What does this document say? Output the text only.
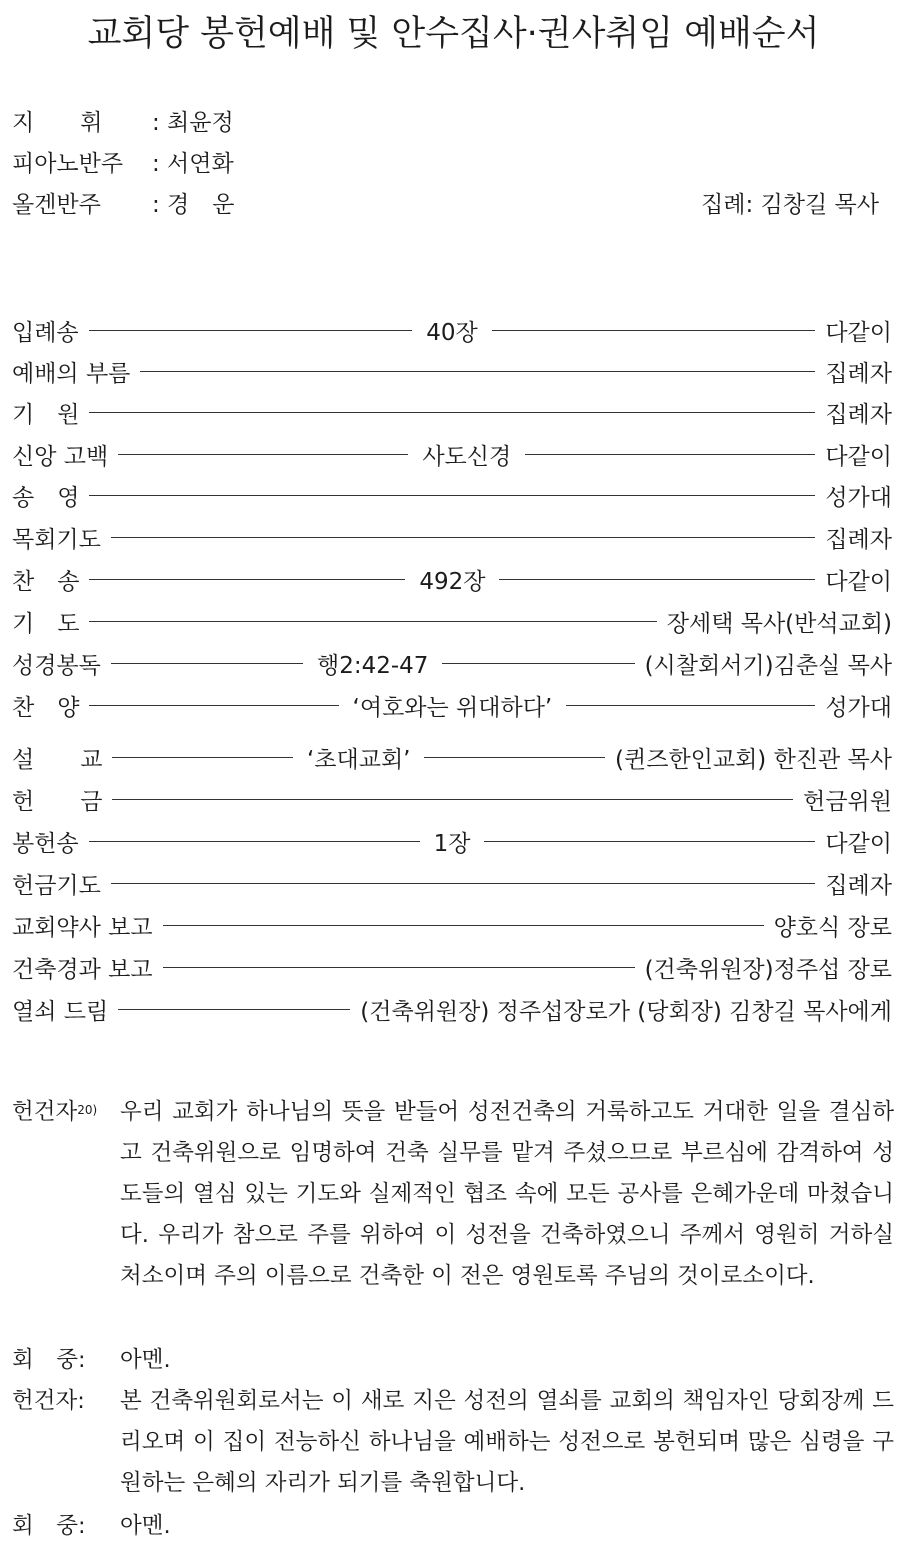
교회당 봉헌예배 및 안수집사·권사취임 예배순서
지　　휘 : 최윤정
피아노반주 : 서연화
올겐반주 : 경　운	집례: 김창길 목사
입례송	40장	다같이
예배의 부름	집례자
기　원	집례자
신앙 고백	사도신경	다같이
송　영	성가대
목회기도	집례자
찬　송	492장	다같이
기　도	장세택 목사(반석교회)
성경봉독	행2:42-47	(시찰회서기)김춘실 목사
찬　양	‘여호와는 위대하다’	성가대
설　　교	‘초대교회’	(퀸즈한인교회) 한진관 목사
헌　　금	헌금위원
봉헌송	1장	다같이
헌금기도	집례자
교회약사 보고	양호식 장로
건축경과 보고	(건축위원장)정주섭 장로
열쇠 드림	(건축위원장) 정주섭장로가 (당회장) 김창길 목사에게
헌건자$^{20)}$ 우리 교회가 하나님의 뜻을 받들어 성전건축의 거룩하고도 거대한 일을 결심하고 건축위원으로 임명하여 건축 실무를 맡겨 주셨으므로 부르심에 감격하여 성도들의 열심 있는 기도와 실제적인 협조 속에 모든 공사를 은혜가운데 마쳤습니다. 우리가 참으로 주를 위하여 이 성전을 건축하였으니 주께서 영원히 거하실 처소이며 주의 이름으로 건축한 이 전은 영원토록 주님의 것이로소이다.
회　중: 아멘.
헌건자: 본 건축위원회로서는 이 새로 지은 성전의 열쇠를 교회의 책임자인 당회장께 드리오며 이 집이 전능하신 하나님을 예배하는 성전으로 봉헌되며 많은 심령을 구원하는 은혜의 자리가 되기를 축원합니다.
회　중: 아멘.
